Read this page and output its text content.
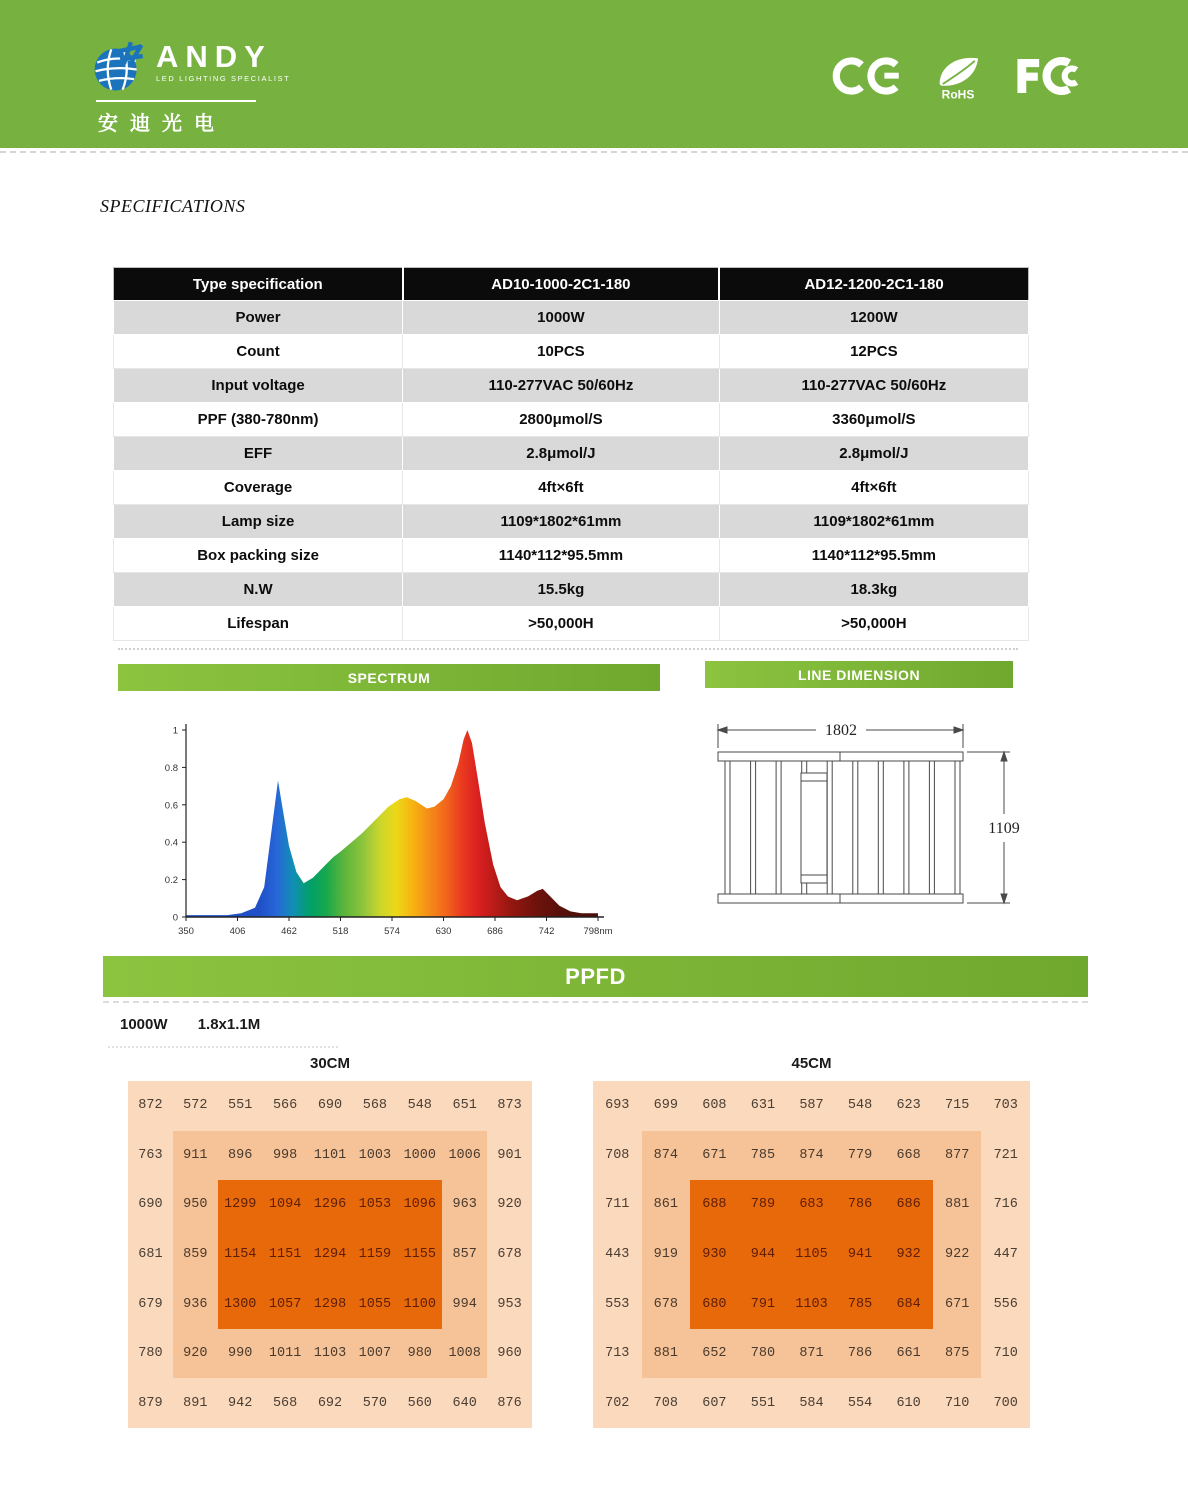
ANDY
LED LIGHTING SPECIALIST
安迪光电
RoHS
SPECIFICATIONS
Type specification	AD10-1000-2C1-180	AD12-1200-2C1-180
Power	1000W	1200W
Count	10PCS	12PCS
Input voltage	110-277VAC 50/60Hz	110-277VAC 50/60Hz
PPF (380-780nm)	2800μmol/S	3360μmol/S
EFF	2.8μmol/J	2.8μmol/J
Coverage	4ft×6ft	4ft×6ft
Lamp size	1109*1802*61mm	1109*1802*61mm
Box packing size	1140*112*95.5mm	1140*112*95.5mm
N.W	15.5kg	18.3kg
Lifespan	>50,000H	>50,000H
SPECTRUM	LINE DIMENSION
0
0.2
0.4
0.6
0.8
1
350	406	462	518	574	630	686	742	798nm
1802
1109
PPFD
1000W 1.8x1.1M
30CM	45CM
872	572	551	566	690	568	548	651	873
763	911	896	998	1101 1003 1000 1006	901
690	950	1299 1094 1296 1053 1096	963	920
681	859	1154 1151 1294 1159 1155	857	678
679	936	1300 1057 1298 1055 1100	994	953
780	920	990	1011 1103 1007	980	1008	960
879	891	942	568	692	570	560	640	876
693	699	608	631	587	548	623	715	703
708	874	671	785	874	779	668	877	721
711	861	688	789	683	786	686	881	716
443	919	930	944	1105	941	932	922	447
553	678	680	791	1103	785	684	671	556
713	881	652	780	871	786	661	875	710
702	708	607	551	584	554	610	710	700
